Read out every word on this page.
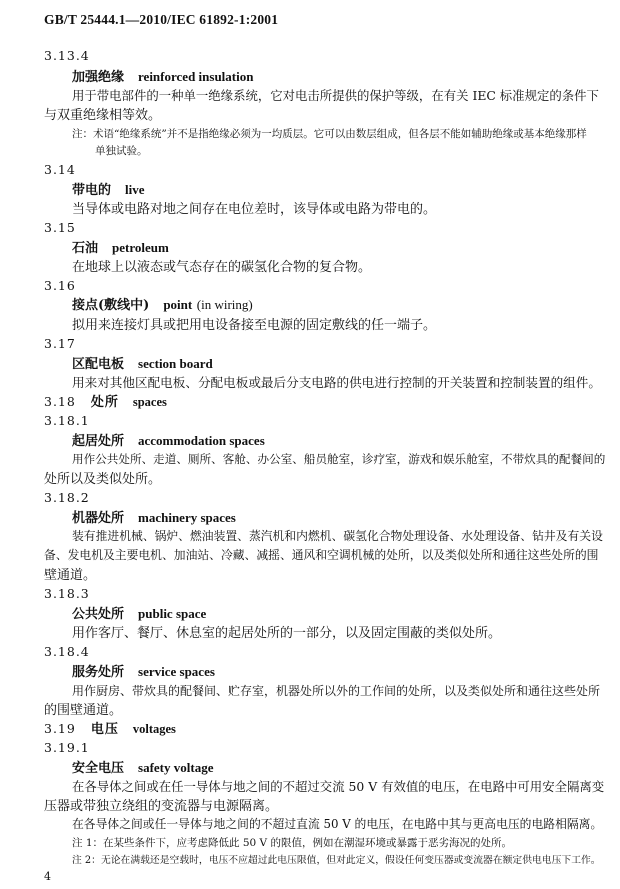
GB/T 25444.1—2010/IEC 61892-1:2001
3.13.4
加强绝缘 reinforced insulation
用于带电部件的一种单一绝缘系统，它对电击所提供的保护等级，在有关 IEC 标准规定的条件下
与双重绝缘相等效。
注：术语“绝缘系统”并不是指绝缘必须为一均质层。它可以由数层组成，但各层不能如辅助绝缘或基本绝缘那样
单独试验。
3.14
带电的 live
当导体或电路对地之间存在电位差时，该导体或电路为带电的。
3.15
石油 petroleum
在地球上以液态或气态存在的碳氢化合物的复合物。
3.16
接点(敷线中) point (in wiring)
拟用来连接灯具或把用电设备接至电源的固定敷线的任一端子。
3.17
区配电板 section board
用来对其他区配电板、分配电板或最后分支电路的供电进行控制的开关装置和控制装置的组件。
3.18 处所 spaces
3.18.1
起居处所 accommodation spaces
用作公共处所、走道、厕所、客舱、办公室、船员舱室，诊疗室，游戏和娱乐舱室，不带炊具的配餐间的
处所以及类似处所。
3.18.2
机器处所 machinery spaces
装有推进机械、锅炉、燃油装置、蒸汽机和内燃机、碳氢化合物处理设备、水处理设备、钻井及有关设
备、发电机及主要电机、加油站、冷藏、减摇、通风和空调机械的处所，以及类似处所和通往这些处所的围
壁通道。
3.18.3
公共处所 public space
用作客厅、餐厅、休息室的起居处所的一部分，以及固定围蔽的类似处所。
3.18.4
服务处所 service spaces
用作厨房、带炊具的配餐间、贮存室，机器处所以外的工作间的处所，以及类似处所和通往这些处所
的围壁通道。
3.19 电压 voltages
3.19.1
安全电压 safety voltage
在各导体之间或在任一导体与地之间的不超过交流 50 V 有效值的电压，在电路中可用安全隔离变
压器或带独立绕组的变流器与电源隔离。
在各导体之间或任一导体与地之间的不超过直流 50 V 的电压，在电路中其与更高电压的电路相隔离。
注 1：在某些条件下，应考虑降低此 50 V 的限值，例如在潮湿环境或暴露于恶劣海况的处所。
注 2：无论在满载还是空载时，电压不应超过此电压限值，但对此定义，假设任何变压器或变流器在额定供电电压下工作。
4
